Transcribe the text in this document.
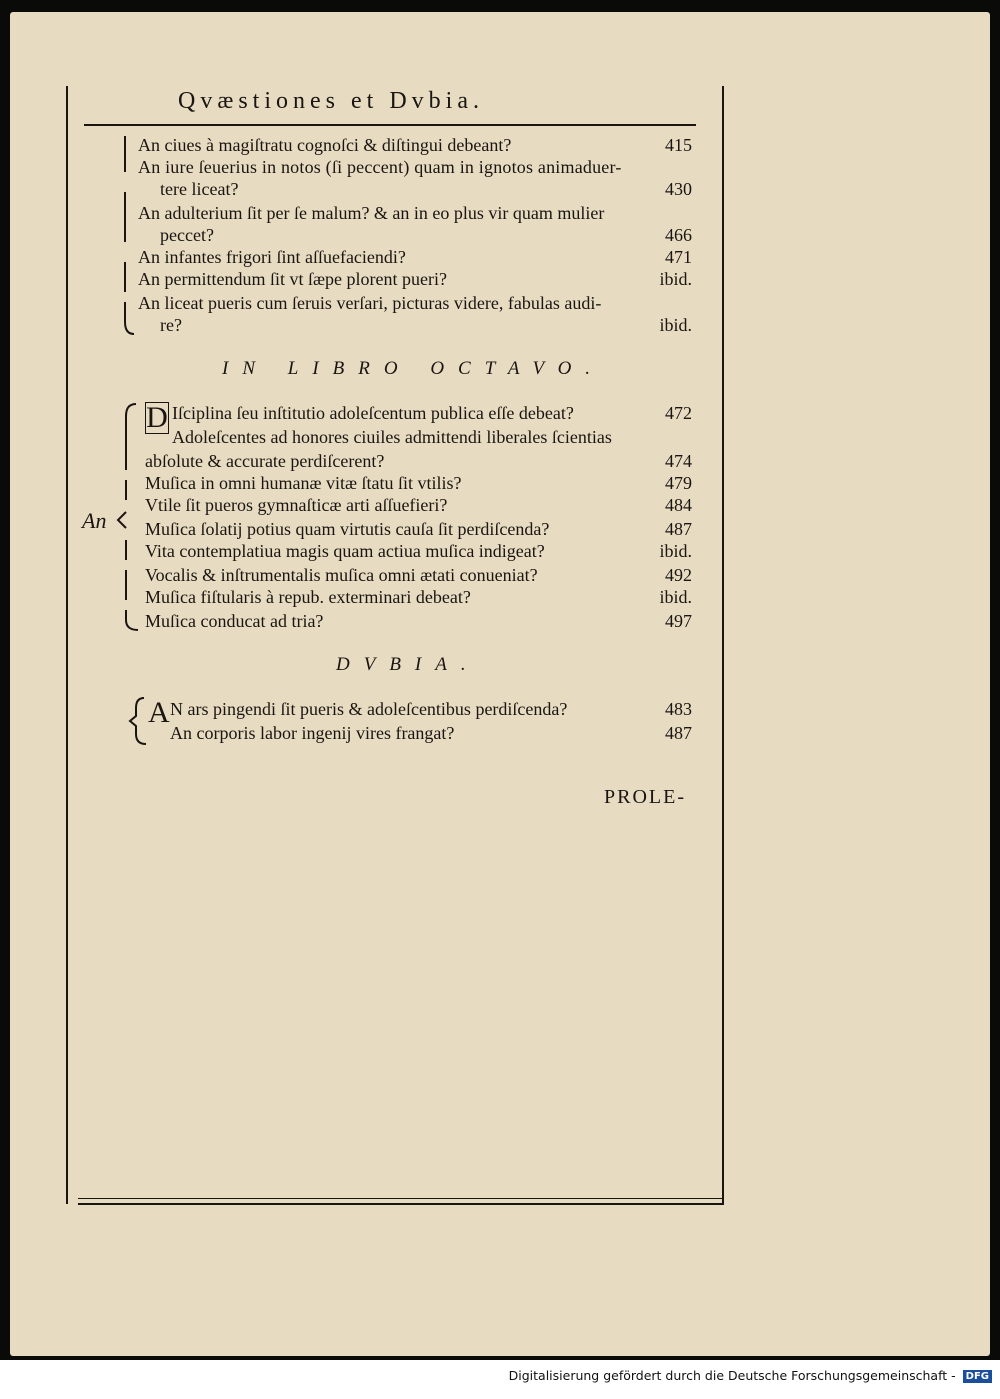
Qvæstiones et Dvbia.
An ciues à magiſtratu cognoſci & diſtingui debeant?	415
An iure ſeuerius in notos (ſi peccent) quam in ignotos animaduer-
tere liceat?	430
An adulterium ſit per ſe malum? & an in eo plus vir quam mulier
peccet?	466
An infantes frigori ſint aſſuefaciendi?	471
An permittendum ſit vt ſæpe plorent pueri?	ibid.
An liceat pueris cum ſeruis verſari, picturas videre, fabulas audi-
re?	ibid.
IN LIBRO OCTAVO.
An
D Iſciplina ſeu inſtitutio adoleſcentum publica eſſe debeat?	472
Adoleſcentes ad honores ciuiles admittendi liberales ſcientias
abſolute & accurate perdiſcerent?	474
Muſica in omni humanæ vitæ ſtatu ſit vtilis?	479
Vtile ſit pueros gymnaſticæ arti aſſuefieri?	484
Muſica ſolatij potius quam virtutis cauſa ſit perdiſcenda?	487
Vita contemplatiua magis quam actiua muſica indigeat?	ibid.
Vocalis & inſtrumentalis muſica omni ætati conueniat?	492
Muſica fiſtularis à repub. exterminari debeat?	ibid.
Muſica conducat ad tria?	497
DVBIA.
A N ars pingendi ſit pueris & adoleſcentibus perdiſcenda?	483
An corporis labor ingenij vires frangat?	487
PROLE-
Digitalisierung gefördert durch die Deutsche Forschungsgemeinschaft - DFG
